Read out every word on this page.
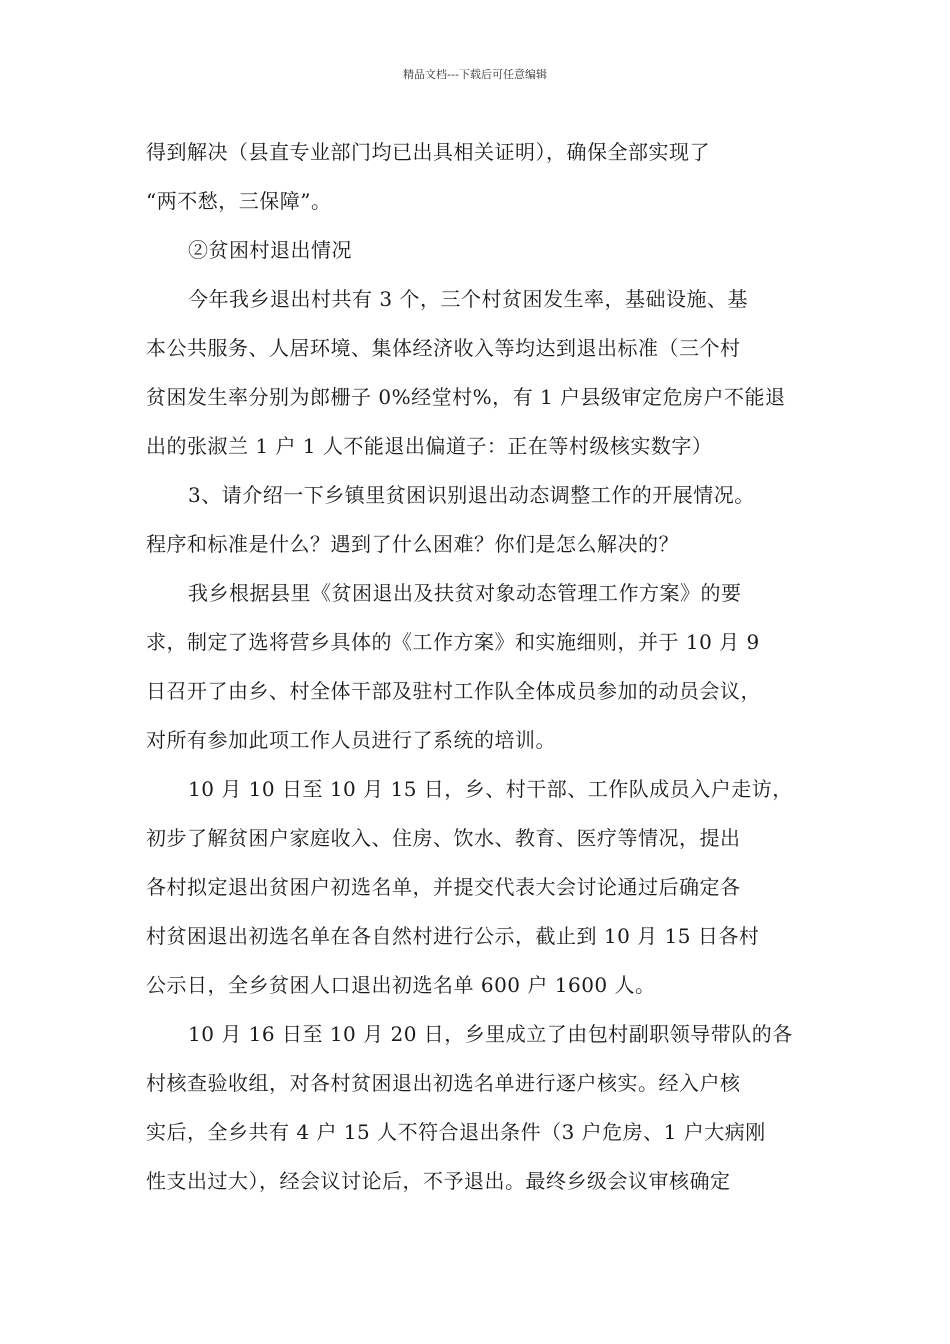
精品文档---下载后可任意编辑
得到解决（县直专业部门均已出具相关证明），确保全部实现了
“两不愁，三保障”。
②贫困村退出情况
今年我乡退出村共有 3 个，三个村贫困发生率，基础设施、基
本公共服务、人居环境、集体经济收入等均达到退出标准（三个村
贫困发生率分别为郎栅子 0%经堂村%，有 1 户县级审定危房户不能退
出的张淑兰 1 户 1 人不能退出偏道子：正在等村级核实数字）
3、请介绍一下乡镇里贫困识别退出动态调整工作的开展情况。
程序和标准是什么？遇到了什么困难？你们是怎么解决的？
我乡根据县里《贫困退出及扶贫对象动态管理工作方案》的要
求，制定了选将营乡具体的《工作方案》和实施细则，并于 10 月 9
日召开了由乡、村全体干部及驻村工作队全体成员参加的动员会议，
对所有参加此项工作人员进行了系统的培训。
10 月 10 日至 10 月 15 日，乡、村干部、工作队成员入户走访，
初步了解贫困户家庭收入、住房、饮水、教育、医疗等情况，提出
各村拟定退出贫困户初选名单，并提交代表大会讨论通过后确定各
村贫困退出初选名单在各自然村进行公示，截止到 10 月 15 日各村
公示日，全乡贫困人口退出初选名单 600 户 1600 人。
10 月 16 日至 10 月 20 日，乡里成立了由包村副职领导带队的各
村核查验收组，对各村贫困退出初选名单进行逐户核实。经入户核
实后，全乡共有 4 户 15 人不符合退出条件（3 户危房、1 户大病刚
性支出过大），经会议讨论后，不予退出。最终乡级会议审核确定
